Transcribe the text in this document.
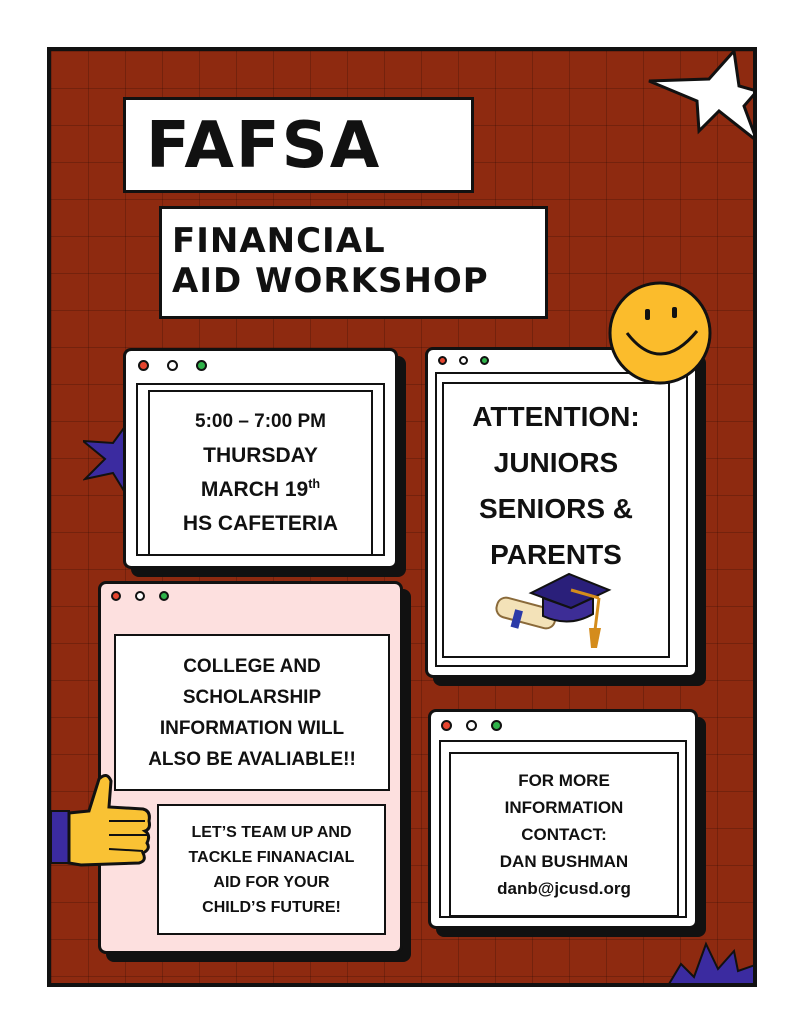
FAFSA
FINANCIAL
AID WORKSHOP
5:00 – 7:00 PM
THURSDAY
MARCH 19th
HS CAFETERIA
ATTENTION:
JUNIORS
SENIORS &
PARENTS
COLLEGE AND
SCHOLARSHIP
INFORMATION WILL
ALSO BE AVALIABLE!!
LET’S TEAM UP AND
TACKLE FINANACIAL
AID FOR YOUR
CHILD’S FUTURE!
FOR MORE
INFORMATION
CONTACT:
DAN BUSHMAN
danb@jcusd.org
